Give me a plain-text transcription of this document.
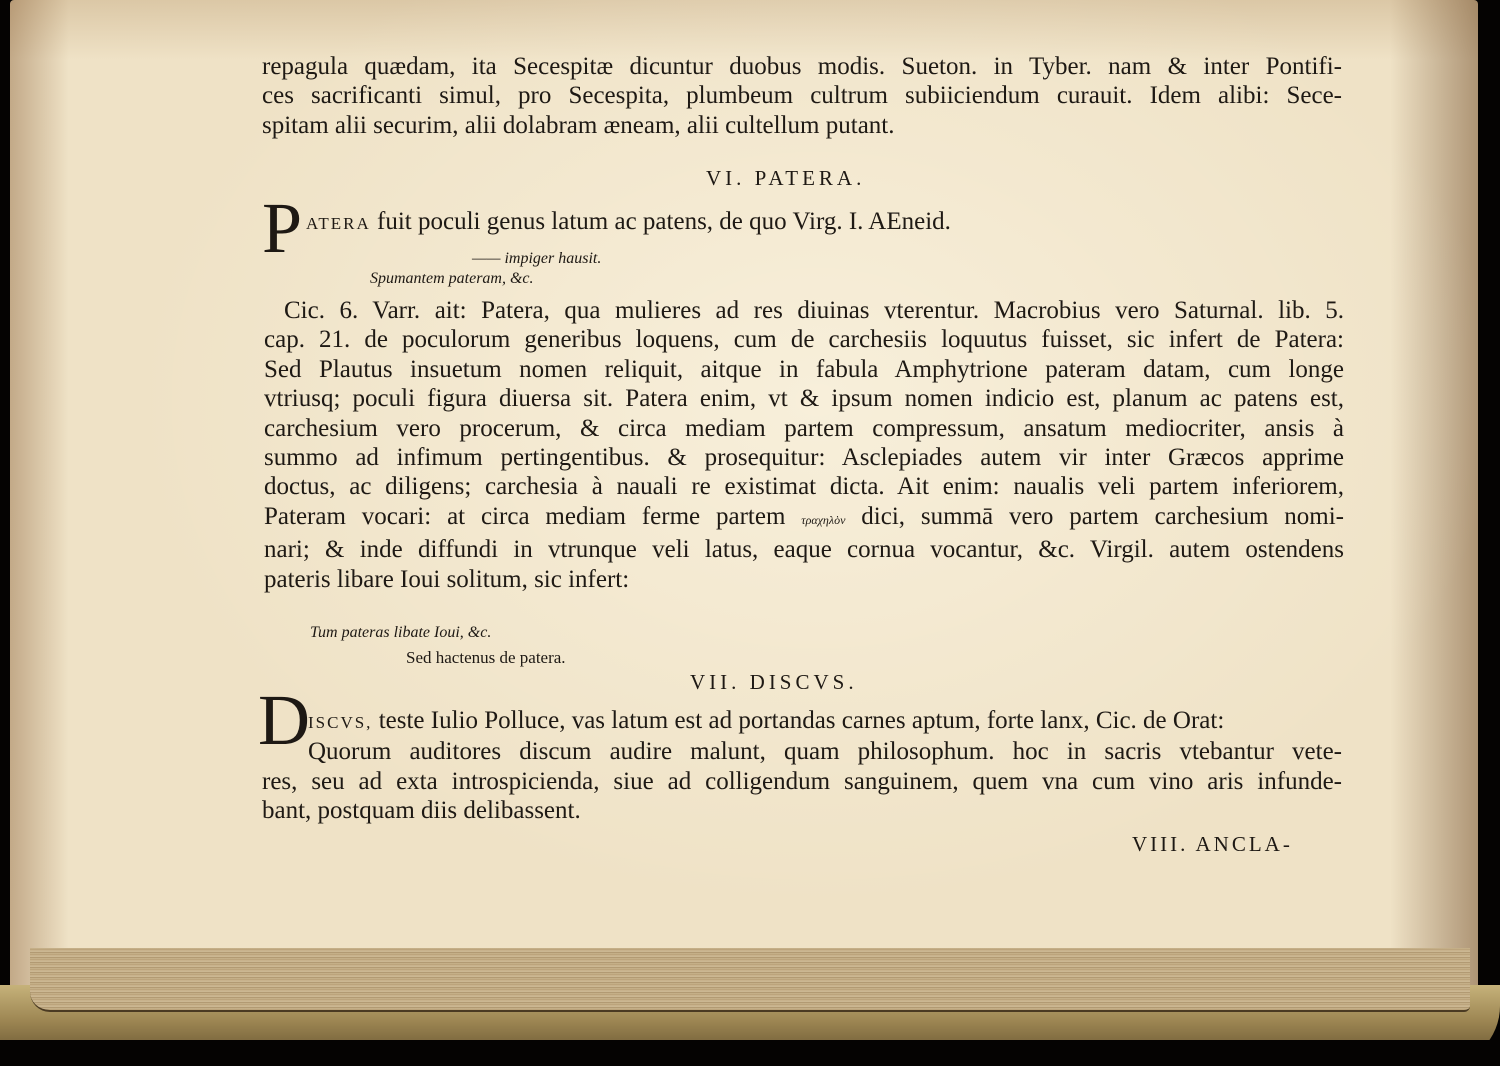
repagula quædam, ita Secespitæ dicuntur duobus modis. Sueton. in Tyber. nam & inter Pontifi-
ces sacrificanti simul, pro Secespita, plumbeum cultrum subiiciendum curauit. Idem alibi: Sece-
spitam alii securim, alii dolabram æneam, alii cultellum putant.
VI. PATERA.
P ATERA fuit poculi genus latum ac patens, de quo Virg. I. AEneid.
—— impiger hausit.
Spumantem pateram, &c.
Cic. 6. Varr. ait: Patera, qua mulieres ad res diuinas vterentur. Macrobius vero Saturnal. lib. 5.
cap. 21. de poculorum generibus loquens, cum de carchesiis loquutus fuisset, sic infert de Patera:
Sed Plautus insuetum nomen reliquit, aitque in fabula Amphytrione pateram datam, cum longe
vtriusq; poculi figura diuersa sit. Patera enim, vt & ipsum nomen indicio est, planum ac patens est,
carchesium vero procerum, & circa mediam partem compressum, ansatum mediocriter, ansis à
summo ad infimum pertingentibus. & prosequitur: Asclepiades autem vir inter Græcos apprime
doctus, ac diligens; carchesia à nauali re existimat dicta. Ait enim: naualis veli partem inferiorem,
Pateram vocari: at circa mediam ferme partem τραχηλὸν dici, summā vero partem carchesium nomi-
nari; & inde diffundi in vtrunque veli latus, eaque cornua vocantur, &c. Virgil. autem ostendens
pateris libare Ioui solitum, sic infert:
Tum pateras libate Ioui, &c.
Sed hactenus de patera.
VII. DISCVS.
D
ISCVS, teste Iulio Polluce, vas latum est ad portandas carnes aptum, forte lanx, Cic. de Orat:
Quorum auditores discum audire malunt, quam philosophum. hoc in sacris vtebantur vete-
res, seu ad exta introspicienda, siue ad colligendum sanguinem, quem vna cum vino aris infunde-
bant, postquam diis delibassent.
VIII. ANCLA-
